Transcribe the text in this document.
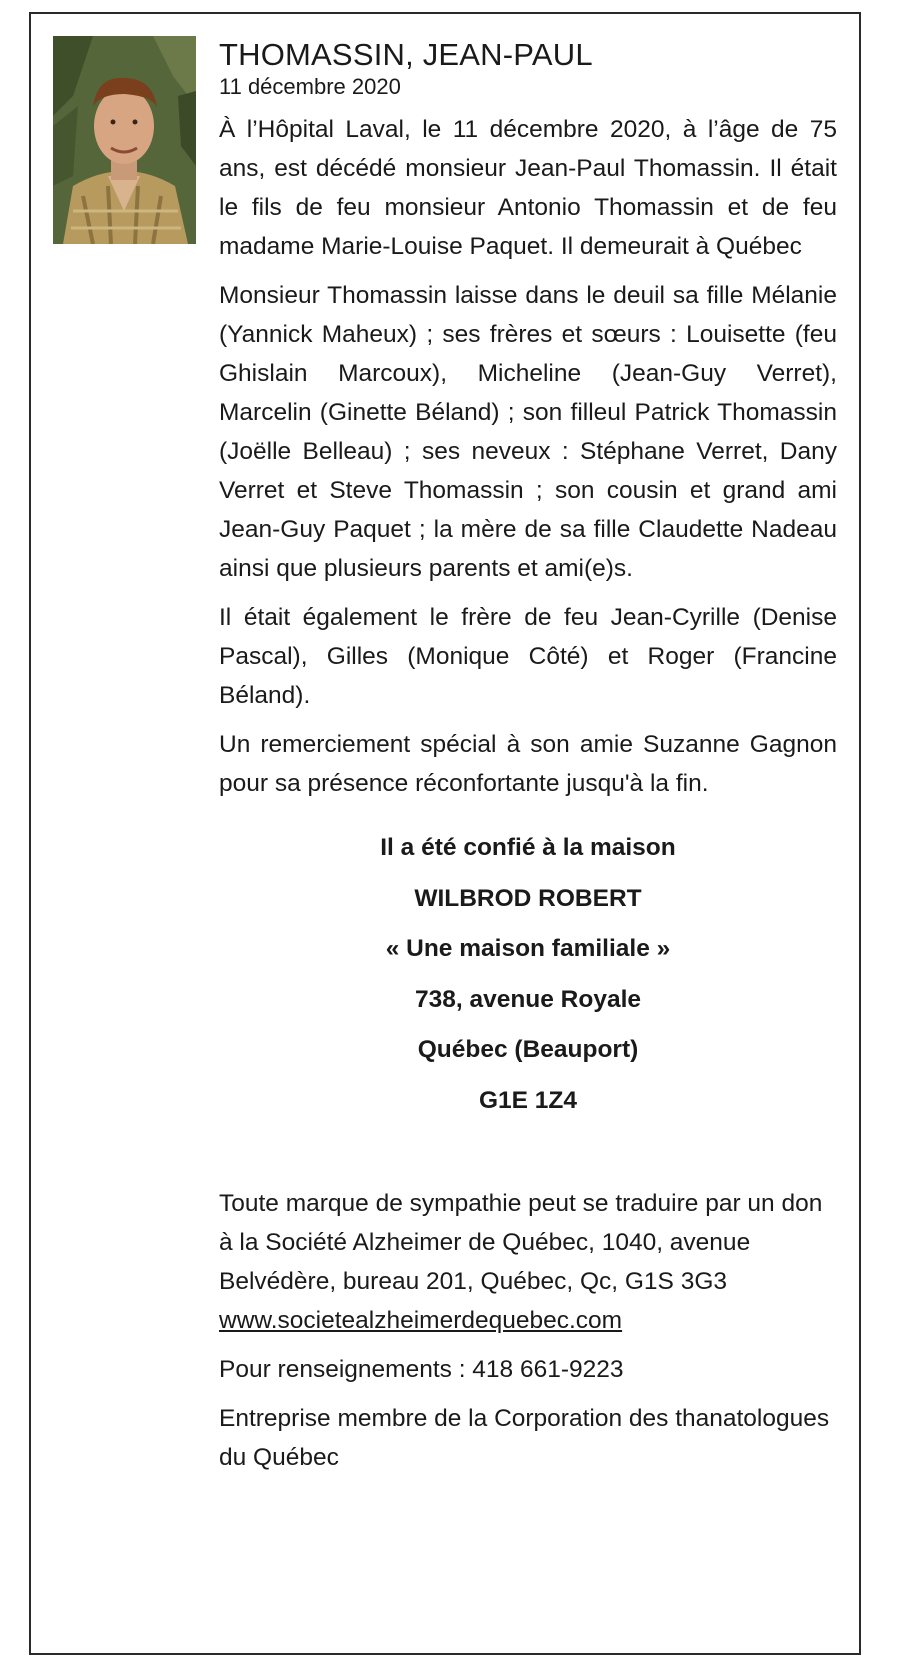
THOMASSIN, JEAN-PAUL

11 décembre 2020

À l’Hôpital Laval, le 11 décembre 2020, à l’âge de 75 ans, est décédé monsieur Jean-Paul Thomassin. Il était le fils de feu monsieur Antonio Thomassin et de feu madame Marie-Louise Paquet. Il demeurait à Québec

Monsieur Thomassin laisse dans le deuil sa fille Mélanie (Yannick Maheux) ; ses frères et sœurs : Louisette (feu Ghislain Marcoux), Micheline (Jean-Guy Verret), Marcelin (Ginette Béland) ; son filleul Patrick Thomassin (Joëlle Belleau) ; ses neveux : Stéphane Verret, Dany Verret et Steve Thomassin ; son cousin et grand ami Jean-Guy Paquet ; la mère de sa fille Claudette Nadeau ainsi que plusieurs parents et ami(e)s.

Il était également le frère de feu Jean-Cyrille (Denise Pascal), Gilles (Monique Côté) et Roger (Francine Béland).

Un remerciement spécial à son amie Suzanne Gagnon pour sa présence réconfortante jusqu'à la fin.

Il a été confié à la maison

WILBROD ROBERT

« Une maison familiale »

738, avenue Royale

Québec (Beauport)

G1E 1Z4

Toute marque de sympathie peut se traduire par un don à la Société Alzheimer de Québec, 1040, avenue Belvédère, bureau 201, Québec, Qc, G1S 3G3 www.societealzheimerdequebec.com

Pour renseignements : 418 661-9223

Entreprise membre de la Corporation des thanatologues du Québec
